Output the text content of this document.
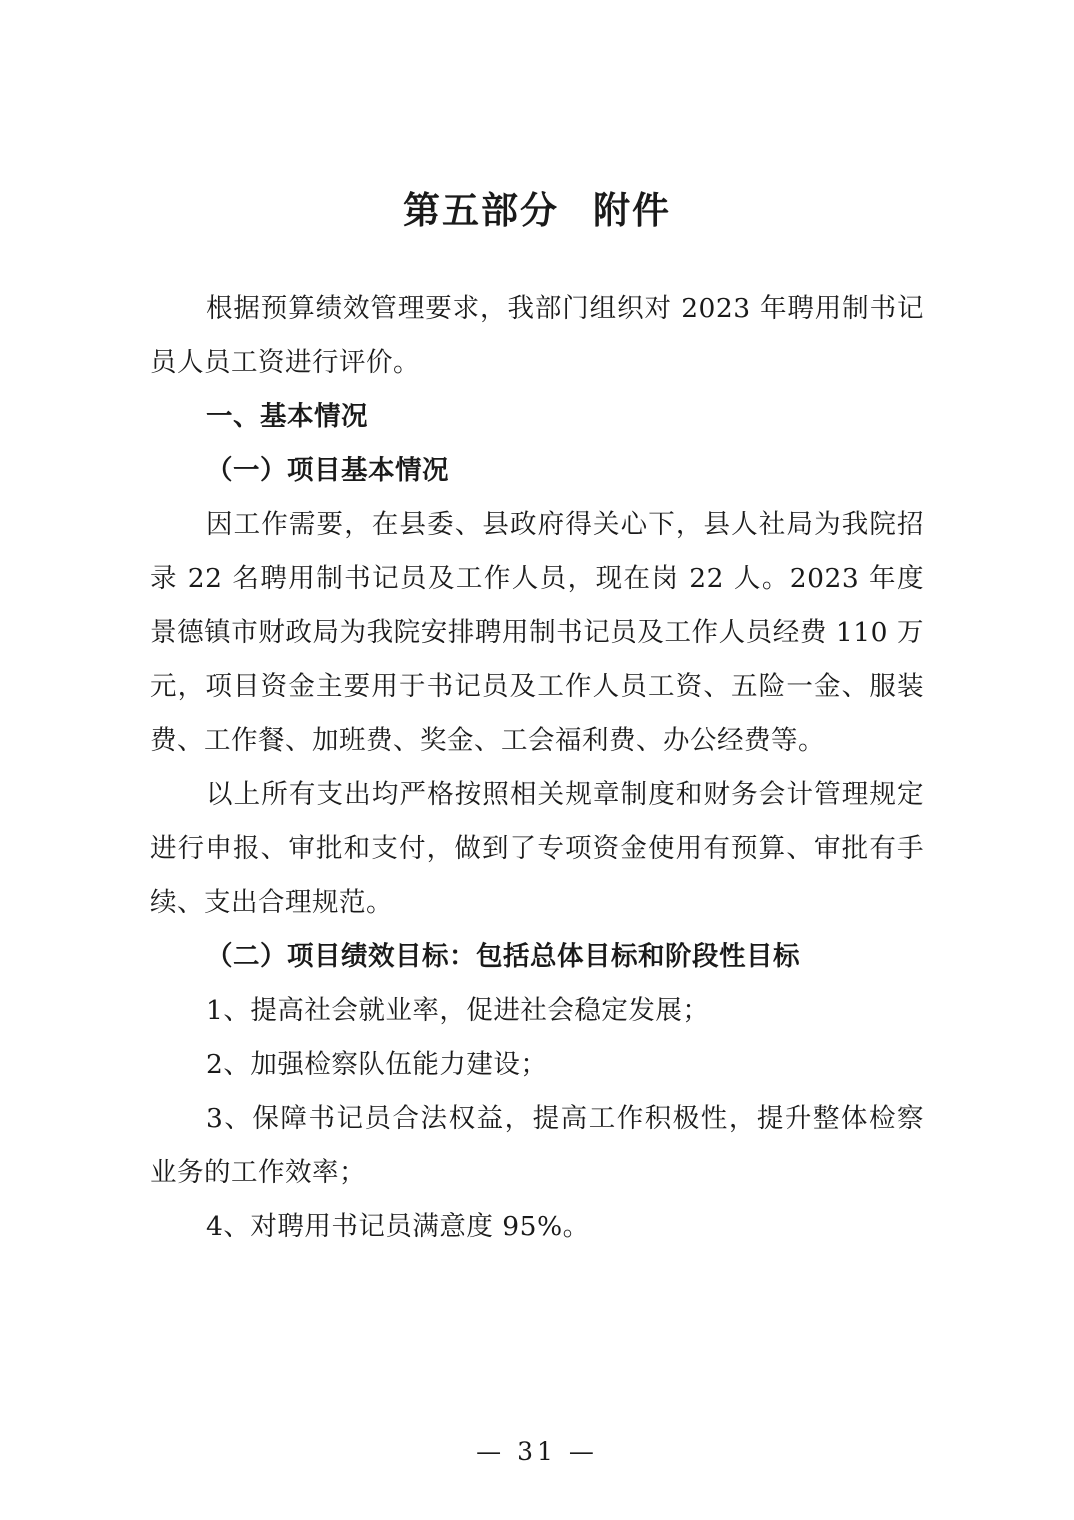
第五部分 附件

根据预算绩效管理要求，我部门组织对 2023 年聘用制书记员人员工资进行评价。

一、基本情况

（一）项目基本情况

因工作需要，在县委、县政府得关心下，县人社局为我院招录 22 名聘用制书记员及工作人员，现在岗 22 人。2023 年度景德镇市财政局为我院安排聘用制书记员及工作人员经费 110 万元，项目资金主要用于书记员及工作人员工资、五险一金、服装费、工作餐、加班费、奖金、工会福利费、办公经费等。

以上所有支出均严格按照相关规章制度和财务会计管理规定进行申报、审批和支付，做到了专项资金使用有预算、审批有手续、支出合理规范。

（二）项目绩效目标：包括总体目标和阶段性目标

1、提高社会就业率，促进社会稳定发展；

2、加强检察队伍能力建设；

3、保障书记员合法权益，提高工作积极性，提升整体检察业务的工作效率；

4、对聘用书记员满意度 95%。

— 31 —
